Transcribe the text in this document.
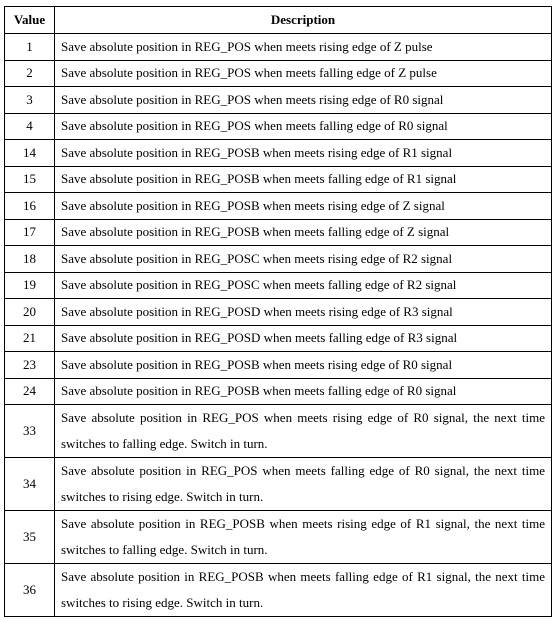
Value	Description
1	Save absolute position in REG_POS when meets rising edge of Z pulse
2	Save absolute position in REG_POS when meets falling edge of Z pulse
3	Save absolute position in REG_POS when meets rising edge of R0 signal
4	Save absolute position in REG_POS when meets falling edge of R0 signal
14	Save absolute position in REG_POSB when meets rising edge of R1 signal
15	Save absolute position in REG_POSB when meets falling edge of R1 signal
16	Save absolute position in REG_POSB when meets rising edge of Z signal
17	Save absolute position in REG_POSB when meets falling edge of Z signal
18	Save absolute position in REG_POSC when meets rising edge of R2 signal
19	Save absolute position in REG_POSC when meets falling edge of R2 signal
20	Save absolute position in REG_POSD when meets rising edge of R3 signal
21	Save absolute position in REG_POSD when meets falling edge of R3 signal
23	Save absolute position in REG_POSB when meets rising edge of R0 signal
24	Save absolute position in REG_POSB when meets falling edge of R0 signal
33	Save absolute position in REG_POS when meets rising edge of R0 signal, the next time switches to falling edge. Switch in turn.
34	Save absolute position in REG_POS when meets falling edge of R0 signal, the next time switches to rising edge. Switch in turn.
35	Save absolute position in REG_POSB when meets rising edge of R1 signal, the next time switches to falling edge. Switch in turn.
36	Save absolute position in REG_POSB when meets falling edge of R1 signal, the next time switches to rising edge. Switch in turn.
